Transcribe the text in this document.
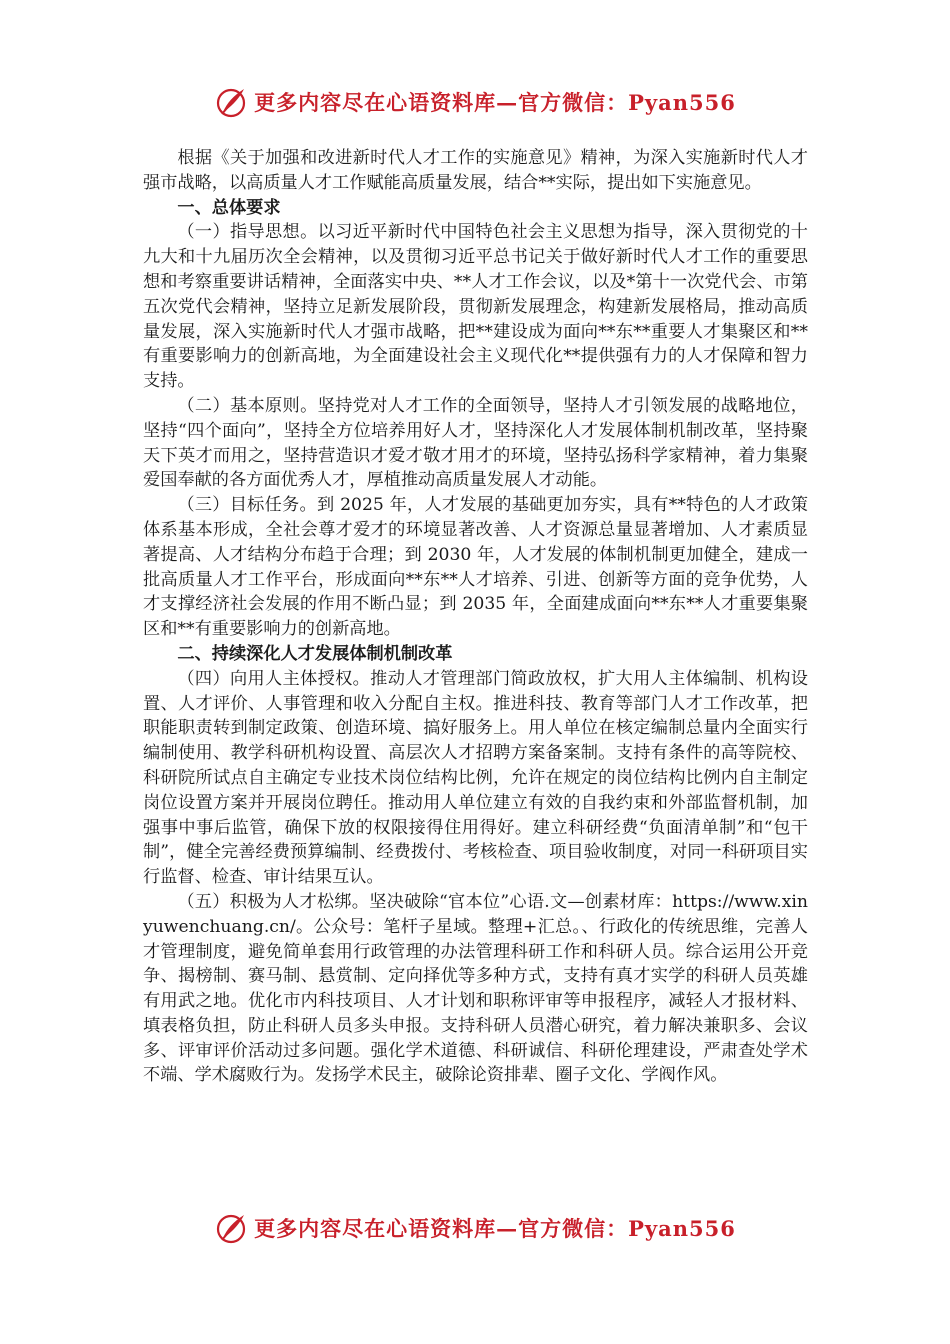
更多内容尽在心语资料库—官方微信：Pyan556

根据《关于加强和改进新时代人才工作的实施意见》精神，为深入实施新时代人才强市战略，以高质量人才工作赋能高质量发展，结合**实际，提出如下实施意见。

一、总体要求

（一）指导思想。以习近平新时代中国特色社会主义思想为指导，深入贯彻党的十九大和十九届历次全会精神，以及贯彻习近平总书记关于做好新时代人才工作的重要思想和考察重要讲话精神，全面落实中央、**人才工作会议，以及*第十一次党代会、市第五次党代会精神，坚持立足新发展阶段，贯彻新发展理念，构建新发展格局，推动高质量发展，深入实施新时代人才强市战略，把**建设成为面向**东**重要人才集聚区和**有重要影响力的创新高地，为全面建设社会主义现代化**提供强有力的人才保障和智力支持。

（二）基本原则。坚持党对人才工作的全面领导，坚持人才引领发展的战略地位，坚持“四个面向”，坚持全方位培养用好人才，坚持深化人才发展体制机制改革，坚持聚天下英才而用之，坚持营造识才爱才敬才用才的环境，坚持弘扬科学家精神，着力集聚爱国奉献的各方面优秀人才，厚植推动高质量发展人才动能。

（三）目标任务。到 2025 年，人才发展的基础更加夯实，具有**特色的人才政策体系基本形成，全社会尊才爱才的环境显著改善、人才资源总量显著增加、人才素质显著提高、人才结构分布趋于合理；到 2030 年，人才发展的体制机制更加健全，建成一批高质量人才工作平台，形成面向**东**人才培养、引进、创新等方面的竞争优势，人才支撑经济社会发展的作用不断凸显；到 2035 年，全面建成面向**东**人才重要集聚区和**有重要影响力的创新高地。

二、持续深化人才发展体制机制改革

（四）向用人主体授权。推动人才管理部门简政放权，扩大用人主体编制、机构设置、人才评价、人事管理和收入分配自主权。推进科技、教育等部门人才工作改革，把职能职责转到制定政策、创造环境、搞好服务上。用人单位在核定编制总量内全面实行编制使用、教学科研机构设置、高层次人才招聘方案备案制。支持有条件的高等院校、科研院所试点自主确定专业技术岗位结构比例，允许在规定的岗位结构比例内自主制定岗位设置方案并开展岗位聘任。推动用人单位建立有效的自我约束和外部监督机制，加强事中事后监管，确保下放的权限接得住用得好。建立科研经费“负面清单制”和“包干制”，健全完善经费预算编制、经费拨付、考核检查、项目验收制度，对同一科研项目实行监督、检查、审计结果互认。

（五）积极为人才松绑。坚决破除“官本位”心语.文—创素材库：https://www.xinyuwenchuang.cn/。公众号：笔杆子星域。整理+汇总。、行政化的传统思维，完善人才管理制度，避免简单套用行政管理的办法管理科研工作和科研人员。综合运用公开竞争、揭榜制、赛马制、悬赏制、定向择优等多种方式，支持有真才实学的科研人员英雄有用武之地。优化市内科技项目、人才计划和职称评审等申报程序，减轻人才报材料、填表格负担，防止科研人员多头申报。支持科研人员潜心研究，着力解决兼职多、会议多、评审评价活动过多问题。强化学术道德、科研诚信、科研伦理建设，严肃查处学术不端、学术腐败行为。发扬学术民主，破除论资排辈、圈子文化、学阀作风。

更多内容尽在心语资料库—官方微信：Pyan556
